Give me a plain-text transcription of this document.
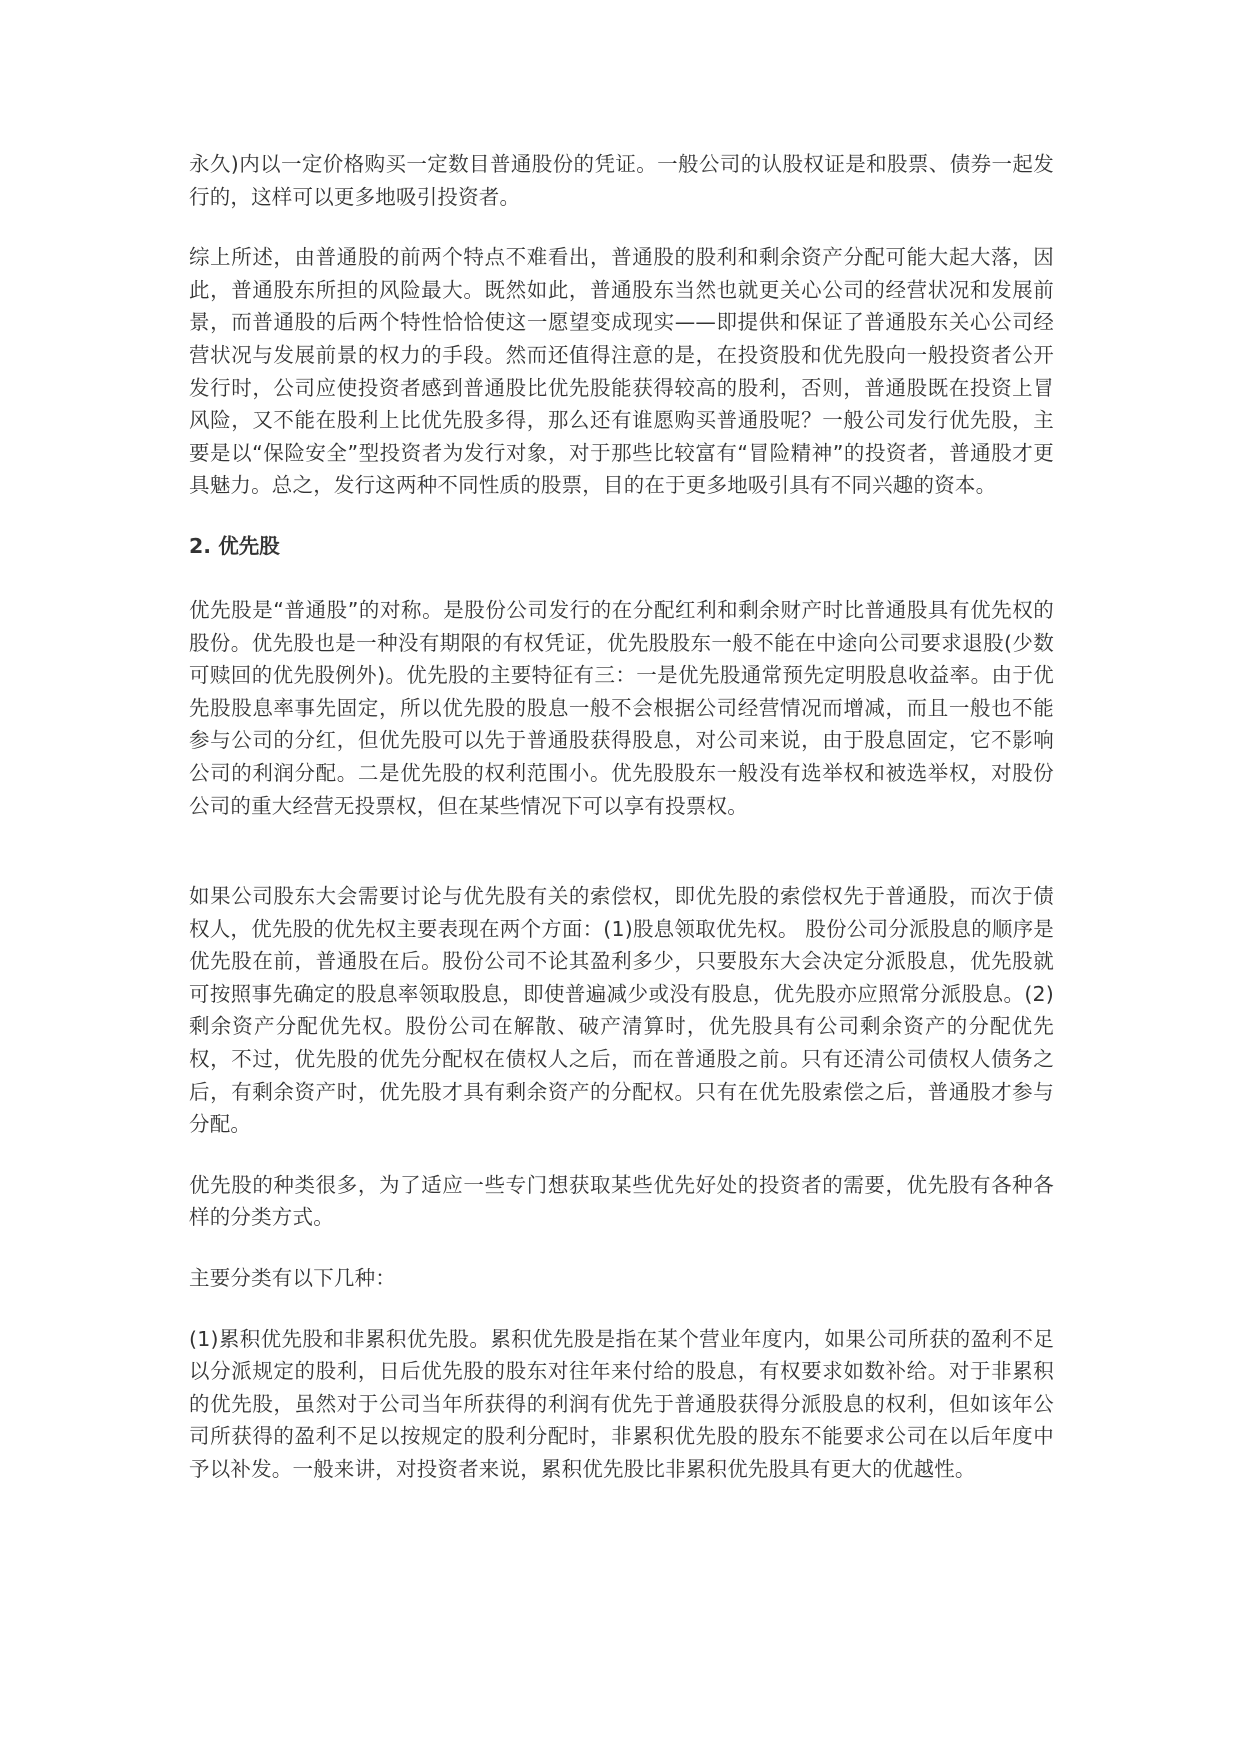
永久)内以一定价格购买一定数目普通股份的凭证。一般公司的认股权证是和股票、债券一起发行的，这样可以更多地吸引投资者。

综上所述，由普通股的前两个特点不难看出，普通股的股利和剩余资产分配可能大起大落，因此，普通股东所担的风险最大。既然如此，普通股东当然也就更关心公司的经营状况和发展前景，而普通股的后两个特性恰恰使这一愿望变成现实——即提供和保证了普通股东关心公司经营状况与发展前景的权力的手段。然而还值得注意的是，在投资股和优先股向一般投资者公开发行时，公司应使投资者感到普通股比优先股能获得较高的股利，否则，普通股既在投资上冒风险，又不能在股利上比优先股多得，那么还有谁愿购买普通股呢？一般公司发行优先股，主要是以“保险安全”型投资者为发行对象，对于那些比较富有“冒险精神”的投资者，普通股才更具魅力。总之，发行这两种不同性质的股票，目的在于更多地吸引具有不同兴趣的资本。

2. 优先股

优先股是“普通股”的对称。是股份公司发行的在分配红利和剩余财产时比普通股具有优先权的股份。优先股也是一种没有期限的有权凭证，优先股股东一般不能在中途向公司要求退股(少数可赎回的优先股例外)。优先股的主要特征有三：一是优先股通常预先定明股息收益率。由于优先股股息率事先固定，所以优先股的股息一般不会根据公司经营情况而增减，而且一般也不能参与公司的分红，但优先股可以先于普通股获得股息，对公司来说，由于股息固定，它不影响公司的利润分配。二是优先股的权利范围小。优先股股东一般没有选举权和被选举权，对股份公司的重大经营无投票权，但在某些情况下可以享有投票权。

如果公司股东大会需要讨论与优先股有关的索偿权，即优先股的索偿权先于普通股，而次于债权人，优先股的优先权主要表现在两个方面：(1)股息领取优先权。 股份公司分派股息的顺序是优先股在前，普通股在后。股份公司不论其盈利多少，只要股东大会决定分派股息，优先股就可按照事先确定的股息率领取股息，即使普遍减少或没有股息，优先股亦应照常分派股息。(2)剩余资产分配优先权。股份公司在解散、破产清算时，优先股具有公司剩余资产的分配优先权，不过，优先股的优先分配权在债权人之后，而在普通股之前。只有还清公司债权人债务之后，有剩余资产时，优先股才具有剩余资产的分配权。只有在优先股索偿之后，普通股才参与分配。

优先股的种类很多，为了适应一些专门想获取某些优先好处的投资者的需要，优先股有各种各样的分类方式。

主要分类有以下几种：

(1)累积优先股和非累积优先股。累积优先股是指在某个营业年度内，如果公司所获的盈利不足以分派规定的股利，日后优先股的股东对往年来付给的股息，有权要求如数补给。对于非累积的优先股，虽然对于公司当年所获得的利润有优先于普通股获得分派股息的权利，但如该年公司所获得的盈利不足以按规定的股利分配时，非累积优先股的股东不能要求公司在以后年度中予以补发。一般来讲，对投资者来说，累积优先股比非累积优先股具有更大的优越性。
